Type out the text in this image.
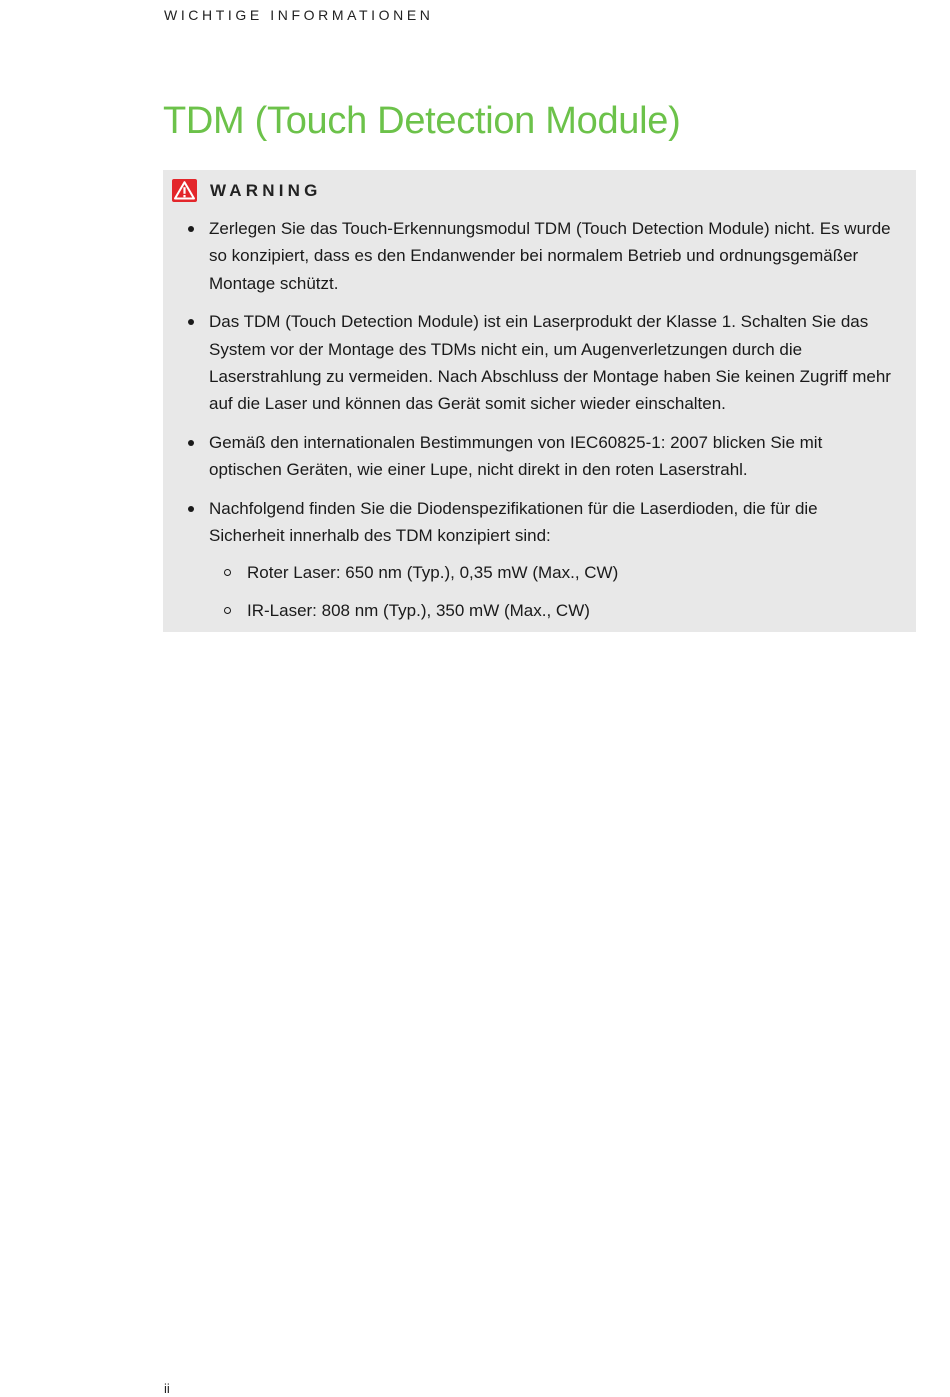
WICHTIGE INFORMATIONEN
TDM (Touch Detection Module)
WARNING
Zerlegen Sie das Touch-Erkennungsmodul TDM (Touch Detection Module) nicht. Es wurde so konzipiert, dass es den Endanwender bei normalem Betrieb und ordnungsgemäßer Montage schützt.
Das TDM (Touch Detection Module) ist ein Laserprodukt der Klasse 1. Schalten Sie das System vor der Montage des TDMs nicht ein, um Augenverletzungen durch die Laserstrahlung zu vermeiden. Nach Abschluss der Montage haben Sie keinen Zugriff mehr auf die Laser und können das Gerät somit sicher wieder einschalten.
Gemäß den internationalen Bestimmungen von IEC60825-1: 2007 blicken Sie mit optischen Geräten, wie einer Lupe, nicht direkt in den roten Laserstrahl.
Nachfolgend finden Sie die Diodenspezifikationen für die Laserdioden, die für die Sicherheit innerhalb des TDM konzipiert sind:
Roter Laser: 650 nm (Typ.), 0,35 mW (Max., CW)
IR-Laser: 808 nm (Typ.), 350 mW (Max., CW)
ii
